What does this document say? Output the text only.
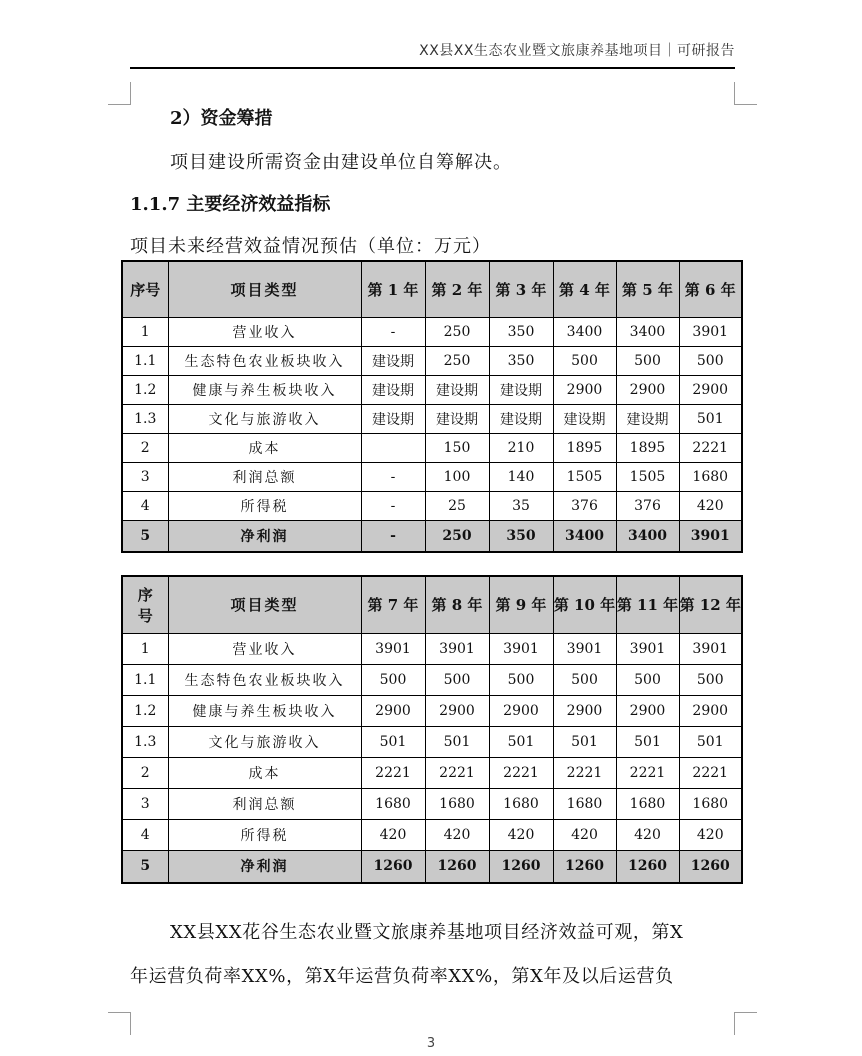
XX县XX生态农业暨文旅康养基地项目｜可研报告
2）资金筹措
项目建设所需资金由建设单位自筹解决。
1.1.7 主要经济效益指标
项目未来经营效益情况预估（单位：万元）
序号	项目类型	第 1 年	第 2 年	第 3 年	第 4 年	第 5 年	第 6 年
1	营业收入	-	250	350	3400	3400	3901
1.1	生态特色农业板块收入	建设期	250	350	500	500	500
1.2	健康与养生板块收入	建设期	建设期	建设期	2900	2900	2900
1.3	文化与旅游收入	建设期	建设期	建设期	建设期	建设期	501
2	成本		150	210	1895	1895	2221
3	利润总额	-	100	140	1505	1505	1680
4	所得税	-	25	35	376	376	420
5	净利润	-	250	350	3400	3400	3901
序号	项目类型	第 7 年	第 8 年	第 9 年	第 10 年	第 11 年	第 12 年
1	营业收入	3901	3901	3901	3901	3901	3901
1.1	生态特色农业板块收入	500	500	500	500	500	500
1.2	健康与养生板块收入	2900	2900	2900	2900	2900	2900
1.3	文化与旅游收入	501	501	501	501	501	501
2	成本	2221	2221	2221	2221	2221	2221
3	利润总额	1680	1680	1680	1680	1680	1680
4	所得税	420	420	420	420	420	420
5	净利润	1260	1260	1260	1260	1260	1260
XX县XX花谷生态农业暨文旅康养基地项目经济效益可观，第X
年运营负荷率XX%，第X年运营负荷率XX%，第X年及以后运营负
3
